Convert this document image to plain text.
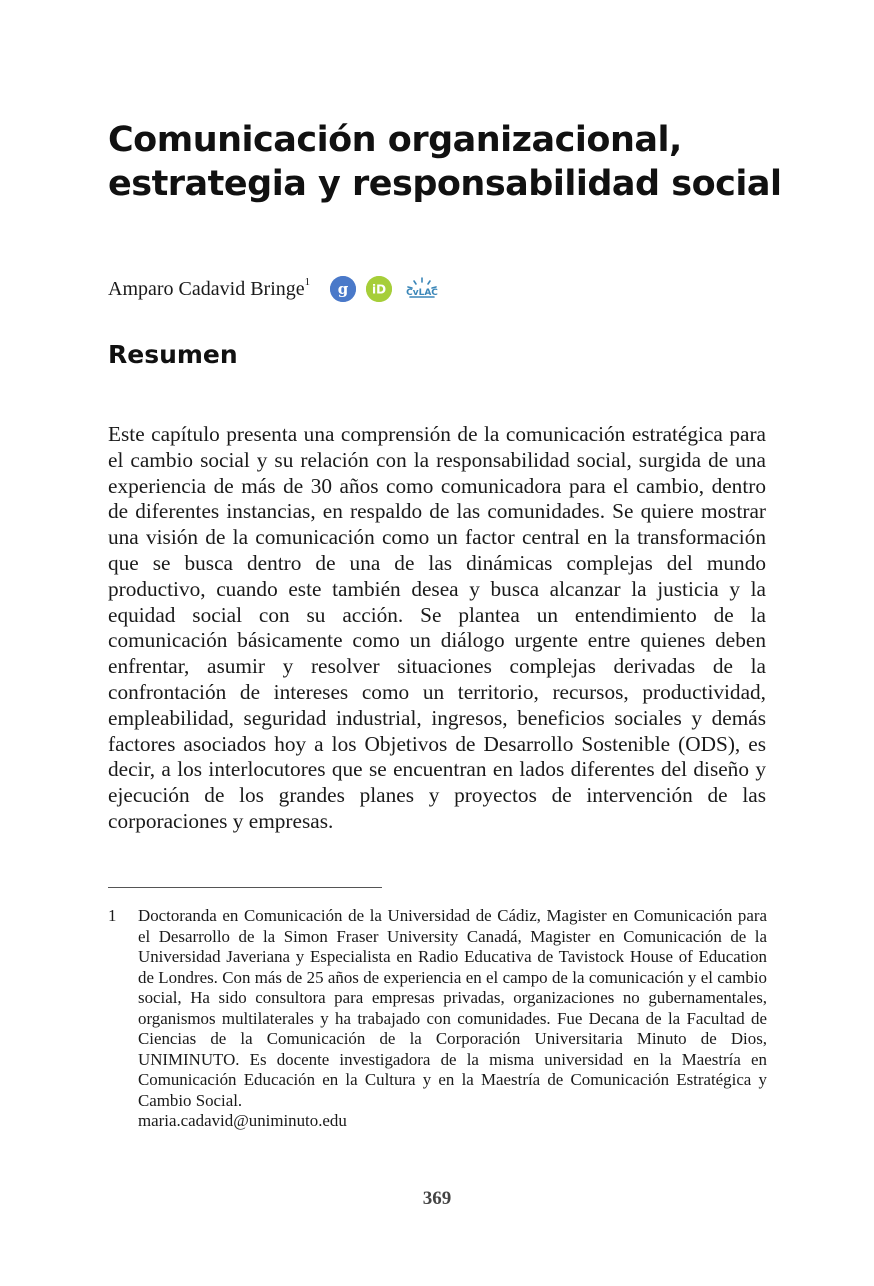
Comunicación organizacional,
estrategia y responsabilidad social
Amparo Cadavid Bringe$^1$ g iD CvLAC
Resumen

Este capítulo presenta una comprensión de la comunicación estratégica para el cambio social y su relación con la responsabilidad social, surgida de una experiencia de más de 30 años como comunicadora para el cambio, dentro de diferentes instancias, en respaldo de las comunidades. Se quiere mostrar una visión de la comunicación como un factor central en la transformación que se busca dentro de una de las dinámicas complejas del mundo productivo, cuando este también desea y busca alcanzar la justicia y la equidad social con su acción. Se plantea un entendimiento de la comunicación básicamente como un diálogo urgente entre quienes deben enfrentar, asumir y resolver situaciones complejas derivadas de la confrontación de intereses como un territorio, recursos, productividad, empleabilidad, seguridad industrial, ingresos, beneficios sociales y demás factores asociados hoy a los Objetivos de Desarrollo Sostenible (ODS), es decir, a los interlocutores que se encuentran en lados diferentes del diseño y ejecución de los grandes planes y proyectos de intervención de las corporaciones y empresas.

1 Doctoranda en Comunicación de la Universidad de Cádiz, Magister en Comunicación para el Desarrollo de la Simon Fraser University Canadá, Magister en Comunicación de la Universidad Javeriana y Especialista en Radio Educativa de Tavistock House of Education de Londres. Con más de 25 años de experiencia en el campo de la comunicación y el cambio social, Ha sido consultora para empresas privadas, organizaciones no gubernamentales, organismos multilaterales y ha trabajado con comunidades. Fue Decana de la Facultad de Ciencias de la Comunicación de la Corporación Universitaria Minuto de Dios, UNIMINUTO. Es docente investigadora de la misma universidad en la Maestría en Comunicación Educación en la Cultura y en la Maestría de Comunicación Estratégica y Cambio Social.
maria.cadavid@uniminuto.edu
369
